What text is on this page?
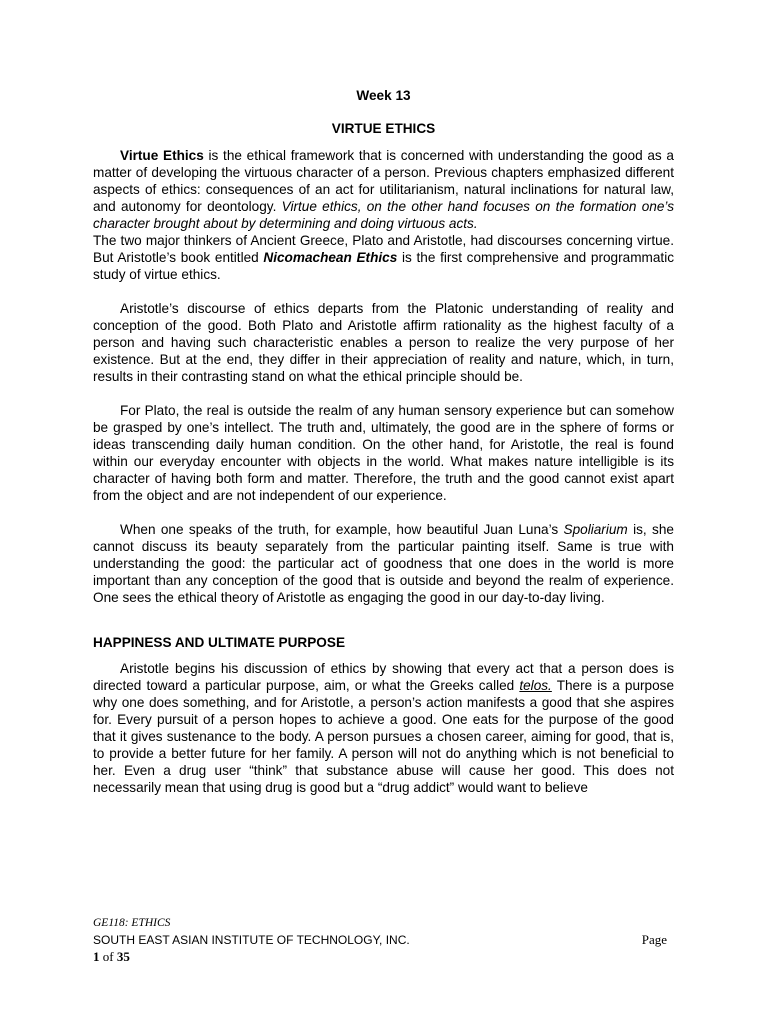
Week 13
VIRTUE ETHICS

Virtue Ethics is the ethical framework that is concerned with understanding the good as a matter of developing the virtuous character of a person. Previous chapters emphasized different aspects of ethics: consequences of an act for utilitarianism, natural inclinations for natural law, and autonomy for deontology. Virtue ethics, on the other hand focuses on the formation one’s character brought about by determining and doing virtuous acts.

The two major thinkers of Ancient Greece, Plato and Aristotle, had discourses concerning virtue. But Aristotle’s book entitled Nicomachean Ethics is the first comprehensive and programmatic study of virtue ethics.

Aristotle’s discourse of ethics departs from the Platonic understanding of reality and conception of the good. Both Plato and Aristotle affirm rationality as the highest faculty of a person and having such characteristic enables a person to realize the very purpose of her existence. But at the end, they differ in their appreciation of reality and nature, which, in turn, results in their contrasting stand on what the ethical principle should be.

For Plato, the real is outside the realm of any human sensory experience but can somehow be grasped by one’s intellect. The truth and, ultimately, the good are in the sphere of forms or ideas transcending daily human condition. On the other hand, for Aristotle, the real is found within our everyday encounter with objects in the world. What makes nature intelligible is its character of having both form and matter. Therefore, the truth and the good cannot exist apart from the object and are not independent of our experience.

When one speaks of the truth, for example, how beautiful Juan Luna’s Spoliarium is, she cannot discuss its beauty separately from the particular painting itself. Same is true with understanding the good: the particular act of goodness that one does in the world is more important than any conception of the good that is outside and beyond the realm of experience. One sees the ethical theory of Aristotle as engaging the good in our day-to-day living.

HAPPINESS AND ULTIMATE PURPOSE

Aristotle begins his discussion of ethics by showing that every act that a person does is directed toward a particular purpose, aim, or what the Greeks called telos. There is a purpose why one does something, and for Aristotle, a person’s action manifests a good that she aspires for. Every pursuit of a person hopes to achieve a good. One eats for the purpose of the good that it gives sustenance to the body. A person pursues a chosen career, aiming for good, that is, to provide a better future for her family. A person will not do anything which is not beneficial to her. Even a drug user “think” that substance abuse will cause her good. This does not necessarily mean that using drug is good but a “drug addict” would want to believe

GE118: ETHICS
SOUTH EAST ASIAN INSTITUTE OF TECHNOLOGY, INC.	Page
1 of 35
